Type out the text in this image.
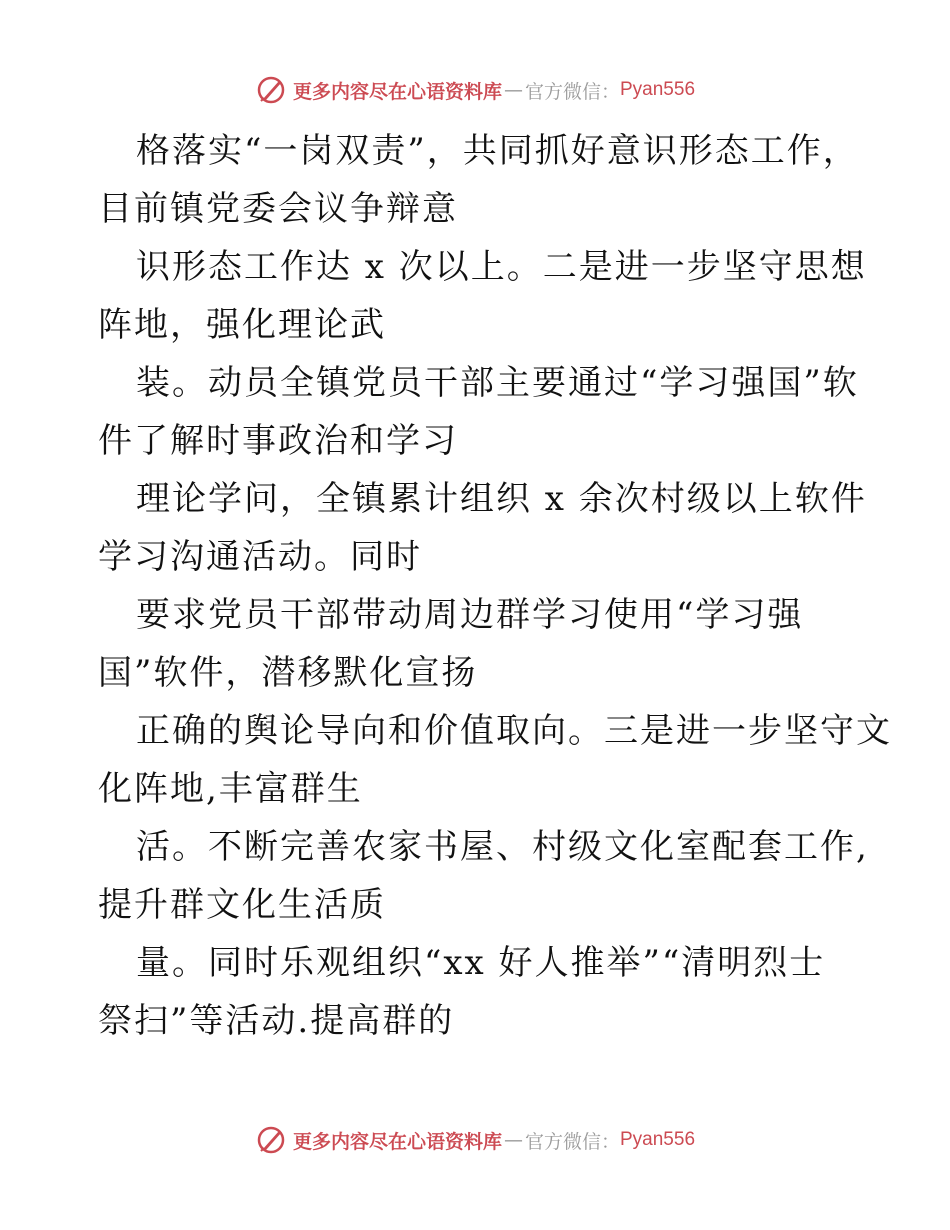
更多内容尽在心语资料库 — 官方微信： Pyan556
格落实“一岗双责”，共同抓好意识形态工作，
目前镇党委会议争辩意
识形态工作达 x 次以上。二是进一步坚守思想
阵地，强化理论武
装。动员全镇党员干部主要通过“学习强国”软
件了解时事政治和学习
理论学问，全镇累计组织 x 余次村级以上软件
学习沟通活动。同时
要求党员干部带动周边群学习使用“学习强
国”软件，潜移默化宣扬
正确的舆论导向和价值取向。三是进一步坚守文
化阵地,丰富群生
活。不断完善农家书屋、村级文化室配套工作,
提升群文化生活质
量。同时乐观组织“xx 好人推举”“清明烈士
祭扫”等活动.提高群的
更多内容尽在心语资料库 — 官方微信： Pyan556
